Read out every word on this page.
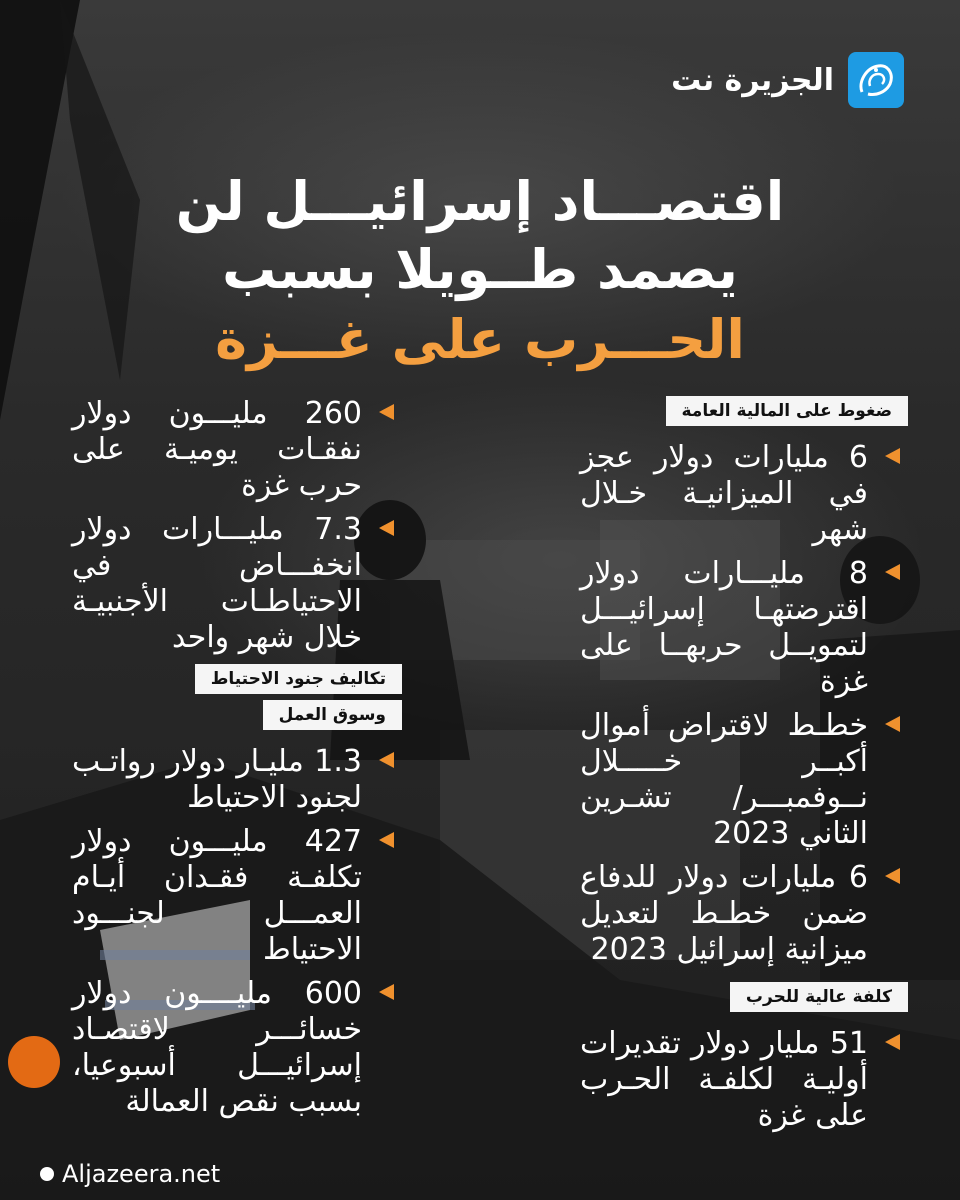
الجزيرة نت
اقتصـــاد إسرائيـــل لن
يصمد طــويلا بسبب
الحـــرب على غـــزة
ضغوط على المالية العامة
6 مليارات دولار عجز في الميزانيـة خـلال شهر
8 مليـــارات دولار اقترضتهـا إسرائيـــل لتمويــل حربهــا على غزة
خطـط لاقتراض أموال أكبــر خـــــلال نــوفمبـــر/ تشـرين الثاني 2023
6 مليارات دولار للدفاع ضمن خطـط لتعديل ميزانية إسرائيل 2023
كلفة عالية للحرب
51 مليار دولار تقديرات أوليـة لكلفـة الحـرب على غزة
260 مليـــون دولار نفقـات يوميـة على حرب غزة
7.3 مليـــارات دولار انخفـــاض في الاحتياطـات الأجنبيـة خلال شهر واحد
تكاليف جنود الاحتياط
وسوق العمل
1.3 مليـار دولار رواتـب لجنود الاحتياط
427 مليـــون دولار تكلفـة فقـدان أيـام العمـــل لجنـــود الاحتياط
600 مليــــون دولار خسائـــر لاقتصـاد إسرائيـــل أسبوعيا، بسبب نقص العمالة
Aljazeera.net
